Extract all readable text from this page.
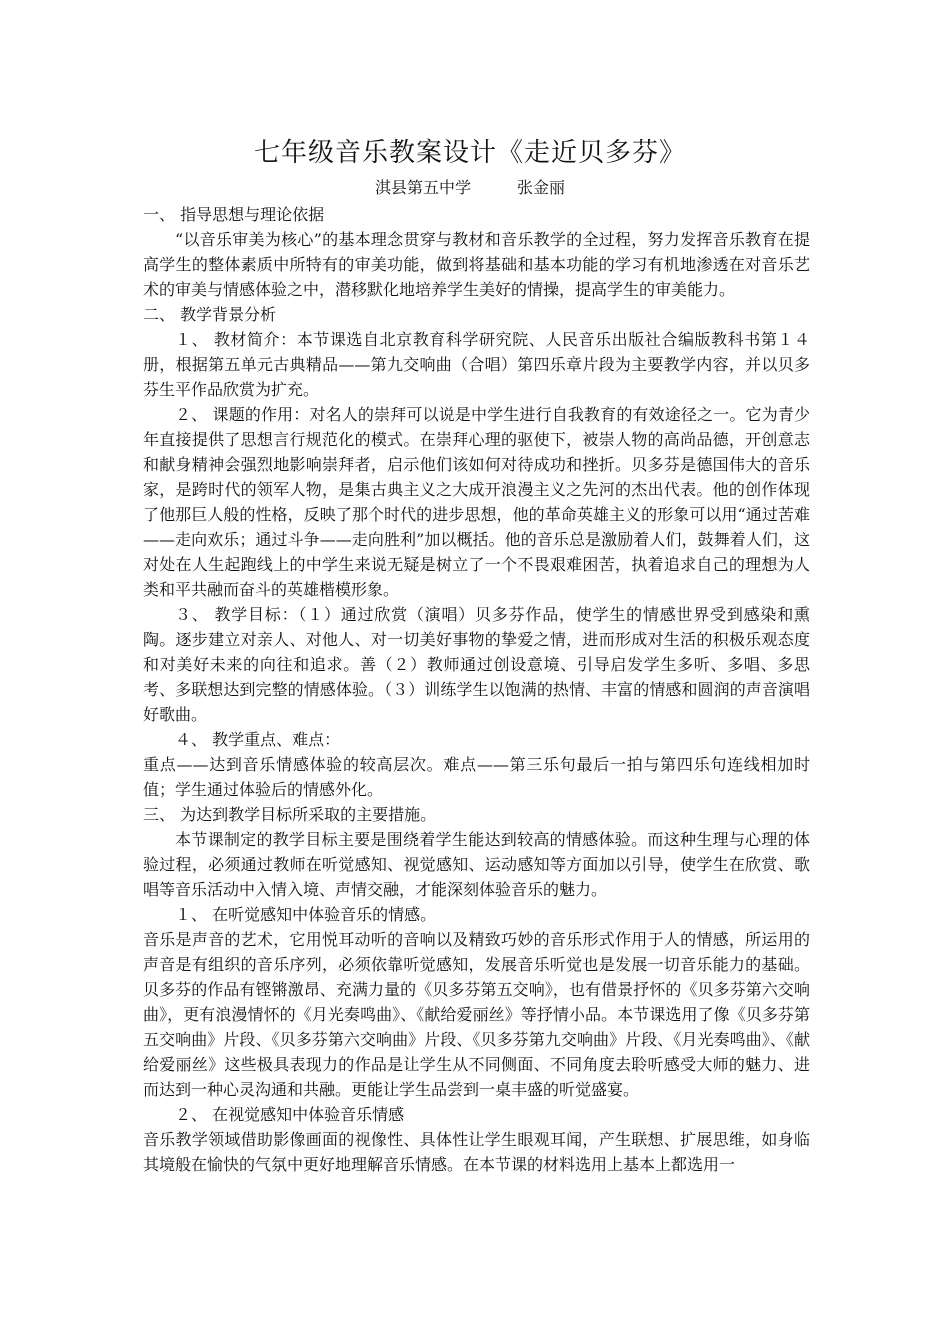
七年级音乐教案设计《走近贝多芬》
淇县第五中学	张金丽

一、 指导思想与理论依据

“以音乐审美为核心”的基本理念贯穿与教材和音乐教学的全过程，努力发挥音乐教育在提高学生的整体素质中所特有的审美功能，做到将基础和基本功能的学习有机地渗透在对音乐艺术的审美与情感体验之中，潜移默化地培养学生美好的情操，提高学生的审美能力。

二、 教学背景分析

１、 教材简介：本节课选自北京教育科学研究院、人民音乐出版社合编版教科书第１４册，根据第五单元古典精品——第九交响曲（合唱）第四乐章片段为主要教学内容，并以贝多芬生平作品欣赏为扩充。

２、 课题的作用：对名人的崇拜可以说是中学生进行自我教育的有效途径之一。它为青少年直接提供了思想言行规范化的模式。在崇拜心理的驱使下，被崇人物的高尚品德，开创意志和献身精神会强烈地影响崇拜者，启示他们该如何对待成功和挫折。贝多芬是德国伟大的音乐家，是跨时代的领军人物，是集古典主义之大成开浪漫主义之先河的杰出代表。他的创作体现了他那巨人般的性格，反映了那个时代的进步思想，他的革命英雄主义的形象可以用“通过苦难——走向欢乐；通过斗争——走向胜利”加以概括。他的音乐总是激励着人们，鼓舞着人们，这对处在人生起跑线上的中学生来说无疑是树立了一个不畏艰难困苦，执着追求自己的理想为人类和平共融而奋斗的英雄楷模形象。

３、 教学目标：（１）通过欣赏（演唱）贝多芬作品，使学生的情感世界受到感染和熏陶。逐步建立对亲人、对他人、对一切美好事物的挚爱之情，进而形成对生活的积极乐观态度和对美好未来的向往和追求。善（２）教师通过创设意境、引导启发学生多听、多唱、多思考、多联想达到完整的情感体验。（３）训练学生以饱满的热情、丰富的情感和圆润的声音演唱好歌曲。

４、 教学重点、难点：

重点——达到音乐情感体验的较高层次。难点——第三乐句最后一拍与第四乐句连线相加时值；学生通过体验后的情感外化。

三、 为达到教学目标所采取的主要措施。

本节课制定的教学目标主要是围绕着学生能达到较高的情感体验。而这种生理与心理的体验过程，必须通过教师在听觉感知、视觉感知、运动感知等方面加以引导，使学生在欣赏、歌唱等音乐活动中入情入境、声情交融，才能深刻体验音乐的魅力。

１、 在听觉感知中体验音乐的情感。

音乐是声音的艺术，它用悦耳动听的音响以及精致巧妙的音乐形式作用于人的情感，所运用的声音是有组织的音乐序列，必须依靠听觉感知，发展音乐听觉也是发展一切音乐能力的基础。贝多芬的作品有铿锵激昂、充满力量的《贝多芬第五交响》，也有借景抒怀的《贝多芬第六交响曲》，更有浪漫情怀的《月光奏鸣曲》、《献给爱丽丝》等抒情小品。本节课选用了像《贝多芬第五交响曲》片段、《贝多芬第六交响曲》片段、《贝多芬第九交响曲》片段、《月光奏鸣曲》、《献给爱丽丝》这些极具表现力的作品是让学生从不同侧面、不同角度去聆听感受大师的魅力、进而达到一种心灵沟通和共融。更能让学生品尝到一桌丰盛的听觉盛宴。

２、 在视觉感知中体验音乐情感

音乐教学领域借助影像画面的视像性、具体性让学生眼观耳闻，产生联想、扩展思维，如身临其境般在愉快的气氛中更好地理解音乐情感。在本节课的材料选用上基本上都选用一
